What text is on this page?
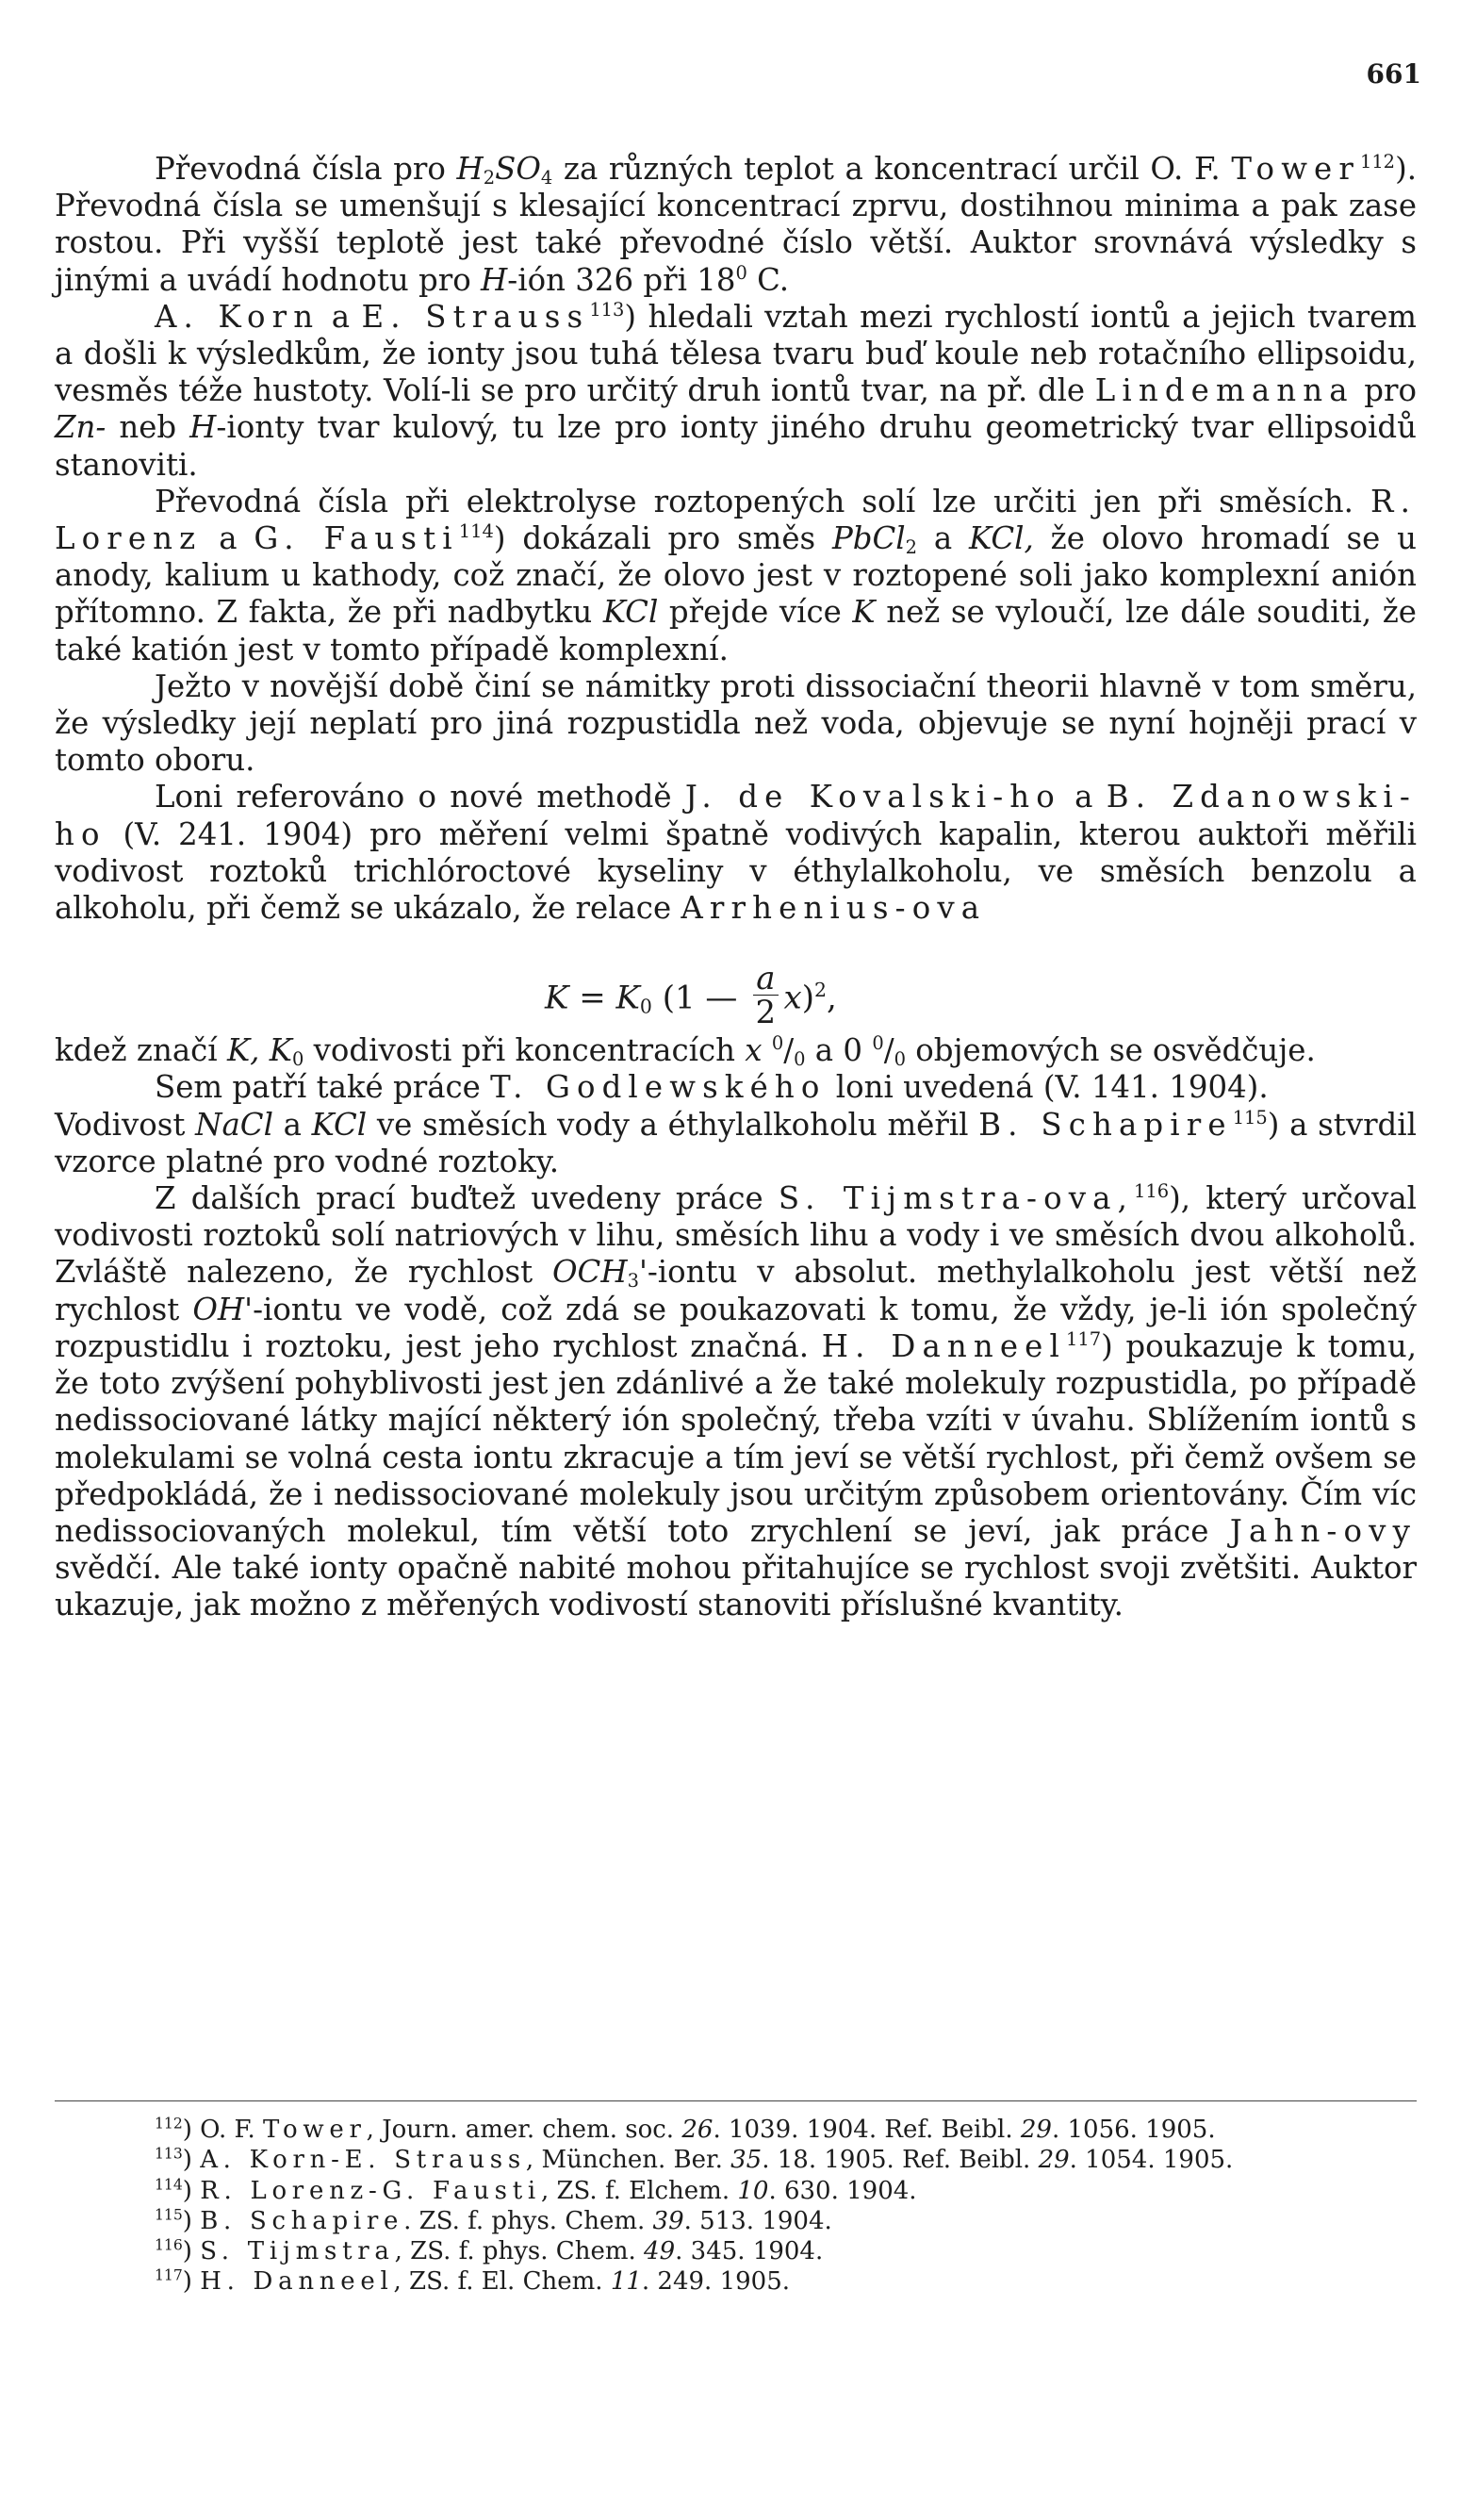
661

Převodná čísla pro $H_2SO_4$ za různých teplot a koncentrací určil O. F. Tower$^{112}$). Převodná čísla se umenšují s klesající koncentrací zprvu, dostihnou minima a pak zase rostou. Při vyšší teplotě jest také převodné číslo větší. Auktor srovnává výsledky s jinými a uvádí hodnotu pro H-ión 326 při $18^0$ C.

A. Korn a E. Strauss$^{113}$) hledali vztah mezi rychlostí iontů a jejich tvarem a došli k výsledkům, že ionty jsou tuhá tělesa tvaru buď koule neb rotačního ellipsoidu, vesměs téže hustoty. Volí-li se pro určitý druh iontů tvar, na př. dle Lindemanna pro Zn- neb H-ionty tvar kulový, tu lze pro ionty jiného druhu geometrický tvar ellipsoidů stanoviti.

Převodná čísla při elektrolyse roztopených solí lze určiti jen při směsích. R. Lorenz a G. Fausti$^{114}$) dokázali pro směs PbCl$_2$ a KCl, že olovo hromadí se u anody, kalium u kathody, což značí, že olovo jest v roztopené soli jako komplexní anión přítomno. Z fakta, že při nadbytku KCl přejde více K než se vyloučí, lze dále souditi, že také katión jest v tomto případě komplexní.

Ježto v novější době činí se námitky proti dissociační theorii hlavně v tom směru, že výsledky její neplatí pro jiná rozpustidla než voda, objevuje se nyní hojněji prací v tomto oboru.

Loni referováno o nové methodě J. de Kovalski-ho a B. Zdanowski-ho (V. 241. 1904) pro měření velmi špatně vodivých kapalin, kterou auktoři měřili vodivost roztoků trichlóroctové kyseliny v éthylalkoholu, ve směsích benzolu a alkoholu, při čemž se ukázalo, že relace Arrhenius-ova

$K = K_0$ (1 — $\frac{a}{2} x)^2$,

kdež značí K, $K_0$ vodivosti při koncentracích x $^0/_0$ a 0 $^0/_0$ objemových se osvědčuje.

Sem patří také práce T. Godlewského loni uvedená (V. 141. 1904).

Vodivost NaCl a KCl ve směsích vody a éthylalkoholu měřil B. Schapire$^{115}$) a stvrdil vzorce platné pro vodné roztoky.

Z dalších prací buďtež uvedeny práce S. Tijmstra-ova,$^{116}$), který určoval vodivosti roztoků solí natriových v lihu, směsích lihu a vody i ve směsích dvou alkoholů. Zvláště nalezeno, že rychlost $OCH_3'$-iontu v absolut. methylalkoholu jest větší než rychlost OH'-iontu ve vodě, což zdá se poukazovati k tomu, že vždy, je-li ión společný rozpustidlu i roztoku, jest jeho rychlost značná. H. Danneel$^{117}$) poukazuje k tomu, že toto zvýšení pohyblivosti jest jen zdánlivé a že také molekuly rozpustidla, po případě nedissociované látky mající některý ión společný, třeba vzíti v úvahu. Sblížením iontů s molekulami se volná cesta iontu zkracuje a tím jeví se větší rychlost, při čemž ovšem se předpokládá, že i nedissociované molekuly jsou určitým způsobem orientovány. Čím víc nedissociovaných molekul, tím větší toto zrychlení se jeví, jak práce Jahn-ovy svědčí. Ale také ionty opačně nabité mohou přitahujíce se rychlost svoji zvětšiti. Auktor ukazuje, jak možno z měřených vodivostí stanoviti příslušné kvantity.

$^{112}$) O. F. Tower, Journ. amer. chem. soc. 26. 1039. 1904. Ref. Beibl. 29. 1056. 1905.

$^{113}$) A. Korn-E. Strauss, München. Ber. 35. 18. 1905. Ref. Beibl. 29. 1054. 1905.

$^{114}$) R. Lorenz-G. Fausti, ZS. f. Elchem. 10. 630. 1904.

$^{115}$) B. Schapire. ZS. f. phys. Chem. 39. 513. 1904.

$^{116}$) S. Tijmstra, ZS. f. phys. Chem. 49. 345. 1904.

$^{117}$) H. Danneel, ZS. f. El. Chem. 11. 249. 1905.
